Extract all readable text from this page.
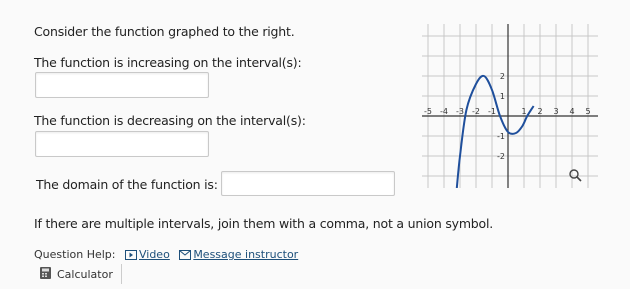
Consider the function graphed to the right.
The function is increasing on the interval(s):
The function is decreasing on the interval(s):
The domain of the function is:
If there are multiple intervals, join them with a comma, not a union symbol.
Question Help: Video Message instructor
Calculator
-5 -4 -3 -2 -1	1 2 3 4 5
2
1
-1
-2
